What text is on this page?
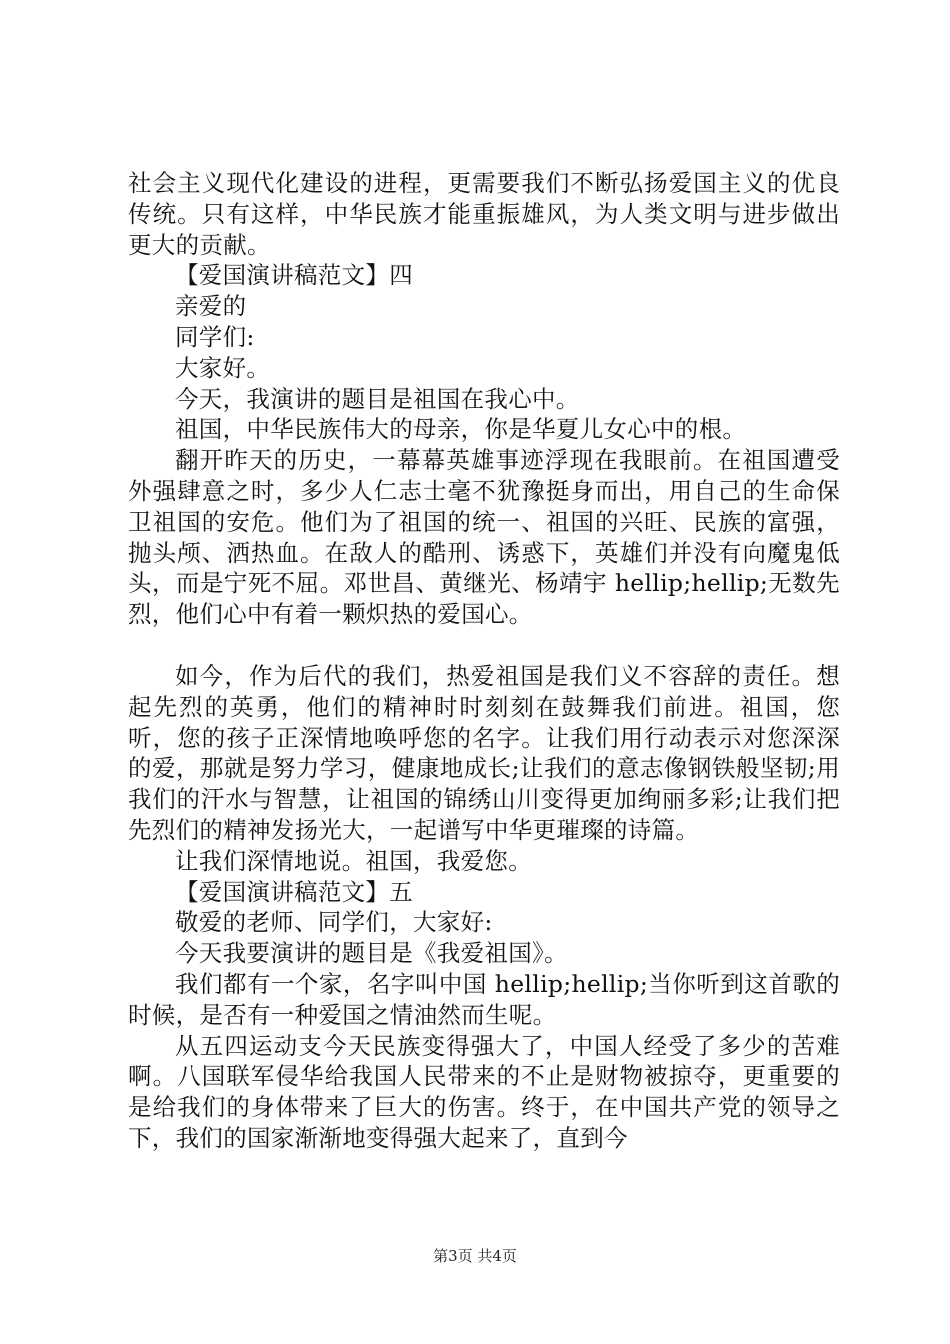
社会主义现代化建设的进程，更需要我们不断弘扬爱国主义的优良传统。只有这样，中华民族才能重振雄风，为人类文明与进步做出更大的贡献。

【爱国演讲稿范文】四

亲爱的

同学们:

大家好。

今天，我演讲的题目是祖国在我心中。

祖国，中华民族伟大的母亲，你是华夏儿女心中的根。

翻开昨天的历史，一幕幕英雄事迹浮现在我眼前。在祖国遭受外强肆意之时，多少人仁志士毫不犹豫挺身而出，用自己的生命保卫祖国的安危。他们为了祖国的统一、祖国的兴旺、民族的富强，抛头颅、洒热血。在敌人的酷刑、诱惑下，英雄们并没有向魔鬼低头，而是宁死不屈。邓世昌、黄继光、杨靖宇 hellip;hellip;无数先烈，他们心中有着一颗炽热的爱国心。

如今，作为后代的我们，热爱祖国是我们义不容辞的责任。想起先烈的英勇，他们的精神时时刻刻在鼓舞我们前进。祖国，您听，您的孩子正深情地唤呼您的名字。让我们用行动表示对您深深的爱，那就是努力学习，健康地成长;让我们的意志像钢铁般坚韧;用我们的汗水与智慧，让祖国的锦绣山川变得更加绚丽多彩;让我们把先烈们的精神发扬光大，一起谱写中华更璀璨的诗篇。

让我们深情地说。祖国，我爱您。

【爱国演讲稿范文】五

敬爱的老师、同学们，大家好:

今天我要演讲的题目是《我爱祖国》。

我们都有一个家，名字叫中国 hellip;hellip;当你听到这首歌的时候，是否有一种爱国之情油然而生呢。

从五四运动支今天民族变得强大了，中国人经受了多少的苦难啊。八国联军侵华给我国人民带来的不止是财物被掠夺，更重要的是给我们的身体带来了巨大的伤害。终于，在中国共产党的领导之下，我们的国家渐渐地变得强大起来了，直到今

第3页 共4页
